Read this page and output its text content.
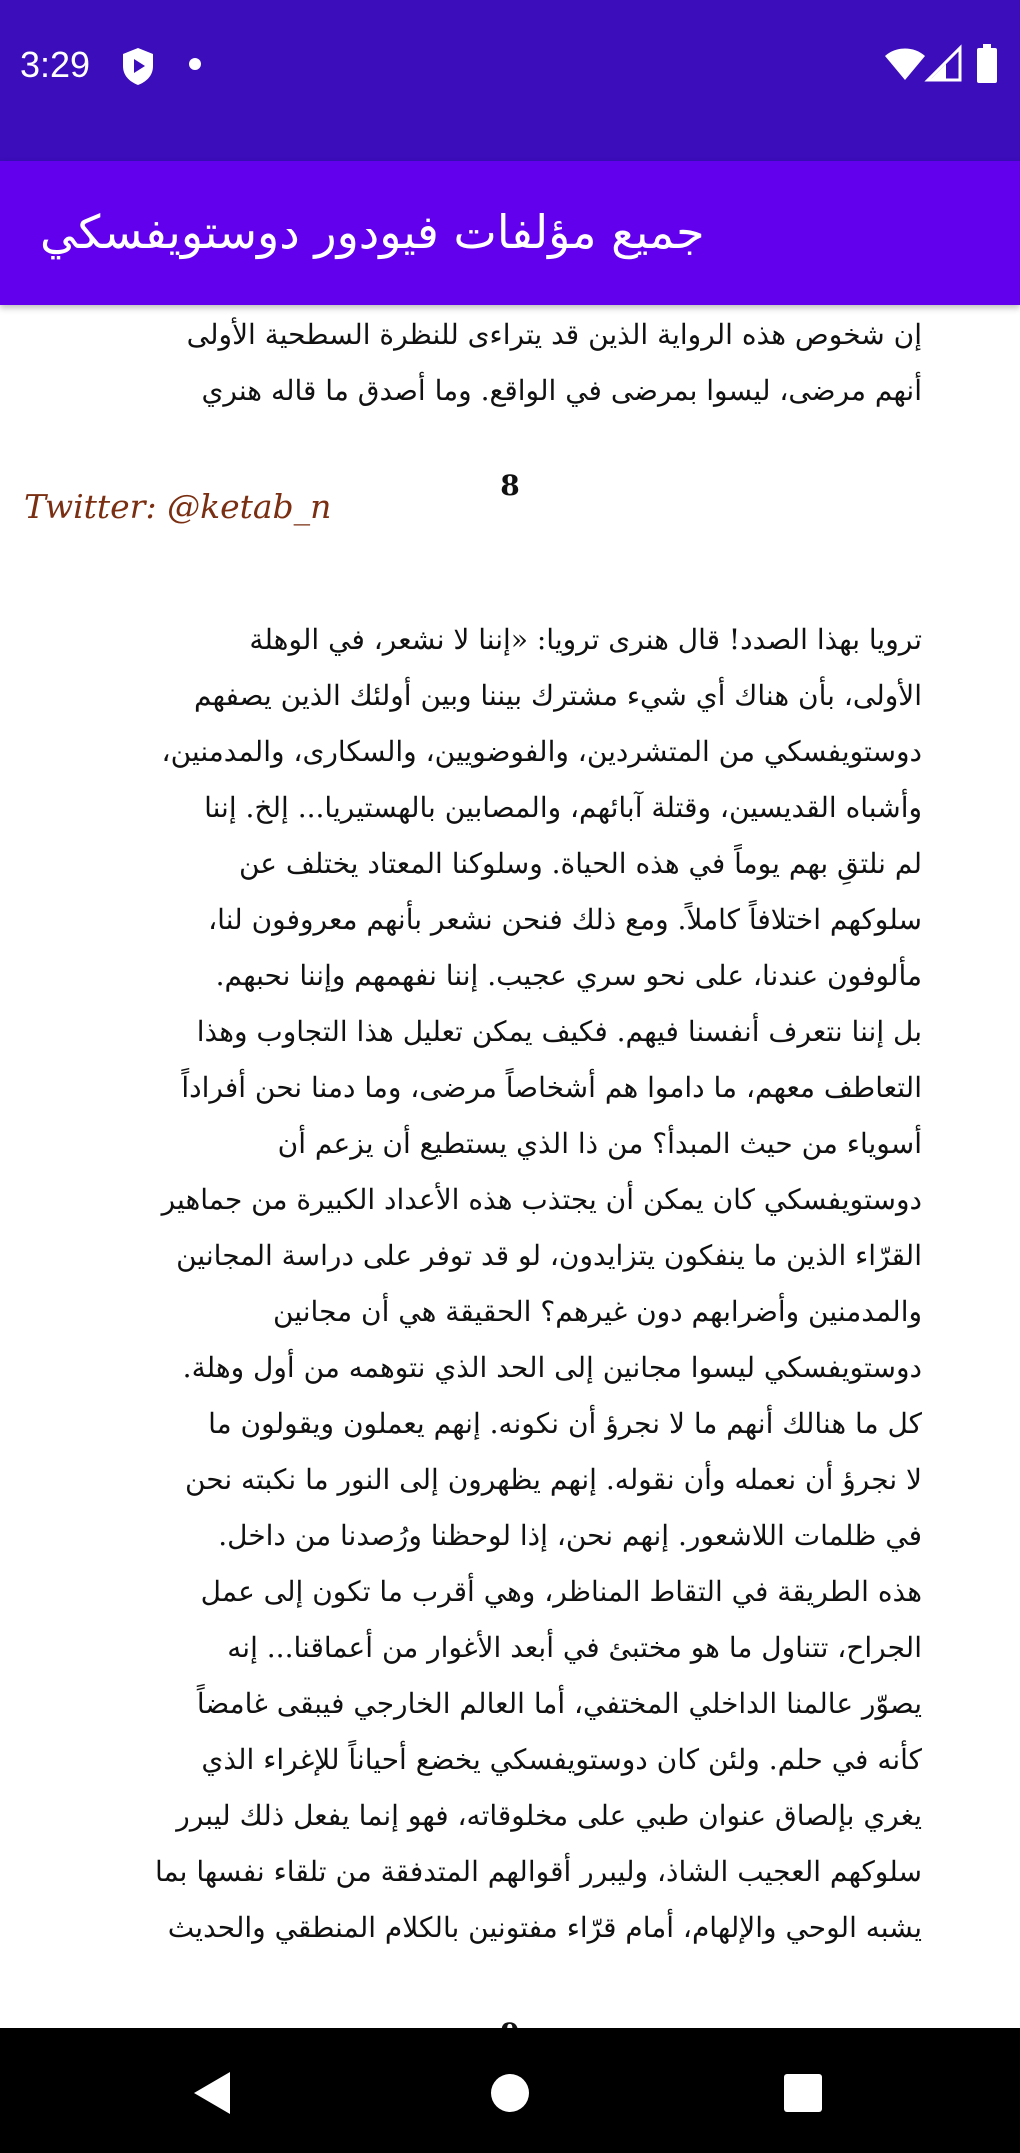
3:29
جميع مؤلفات فيودور دوستويفسكي
إن شخوص هذه الرواية الذين قد يتراءى للنظرة السطحية الأولى
أنهم مرضى، ليسوا بمرضى في الواقع. وما أصدق ما قاله هنري
8
Twitter: @ketab_n
ترويا بهذا الصدد! قال هنرى ترويا: «إننا لا نشعر، في الوهلة
الأولى، بأن هناك أي شيء مشترك بيننا وبين أولئك الذين يصفهم
دوستويفسكي من المتشردين، والفوضويين، والسكارى، والمدمنين،
وأشباه القديسين، وقتلة آبائهم، والمصابين بالهستيريا... إلخ. إننا
لم نلتقِ بهم يوماً في هذه الحياة. وسلوكنا المعتاد يختلف عن
سلوكهم اختلافاً كاملاً. ومع ذلك فنحن نشعر بأنهم معروفون لنا،
مألوفون عندنا، على نحو سري عجيب. إننا نفهمهم وإننا نحبهم.
بل إننا نتعرف أنفسنا فيهم. فكيف يمكن تعليل هذا التجاوب وهذا
التعاطف معهم، ما داموا هم أشخاصاً مرضى، وما دمنا نحن أفراداً
أسوياء من حيث المبدأ؟ من ذا الذي يستطيع أن يزعم أن
دوستويفسكي كان يمكن أن يجتذب هذه الأعداد الكبيرة من جماهير
القرّاء الذين ما ينفكون يتزايدون، لو قد توفر على دراسة المجانين
والمدمنين وأضرابهم دون غيرهم؟ الحقيقة هي أن مجانين
دوستويفسكي ليسوا مجانين إلى الحد الذي نتوهمه من أول وهلة.
كل ما هنالك أنهم ما لا نجرؤ أن نكونه. إنهم يعملون ويقولون ما
لا نجرؤ أن نعمله وأن نقوله. إنهم يظهرون إلى النور ما نكبته نحن
في ظلمات اللاشعور. إنهم نحن، إذا لوحظنا ورُصدنا من داخل.
هذه الطريقة في التقاط المناظر، وهي أقرب ما تكون إلى عمل
الجراح، تتناول ما هو مختبئ في أبعد الأغوار من أعماقنا... إنه
يصوّر عالمنا الداخلي المختفي، أما العالم الخارجي فيبقى غامضاً
كأنه في حلم. ولئن كان دوستويفسكي يخضع أحياناً للإغراء الذي
يغري بإلصاق عنوان طبي على مخلوقاته، فهو إنما يفعل ذلك ليبرر
سلوكهم العجيب الشاذ، وليبرر أقوالهم المتدفقة من تلقاء نفسها بما
يشبه الوحي والإلهام، أمام قرّاء مفتونين بالكلام المنطقي والحديث
